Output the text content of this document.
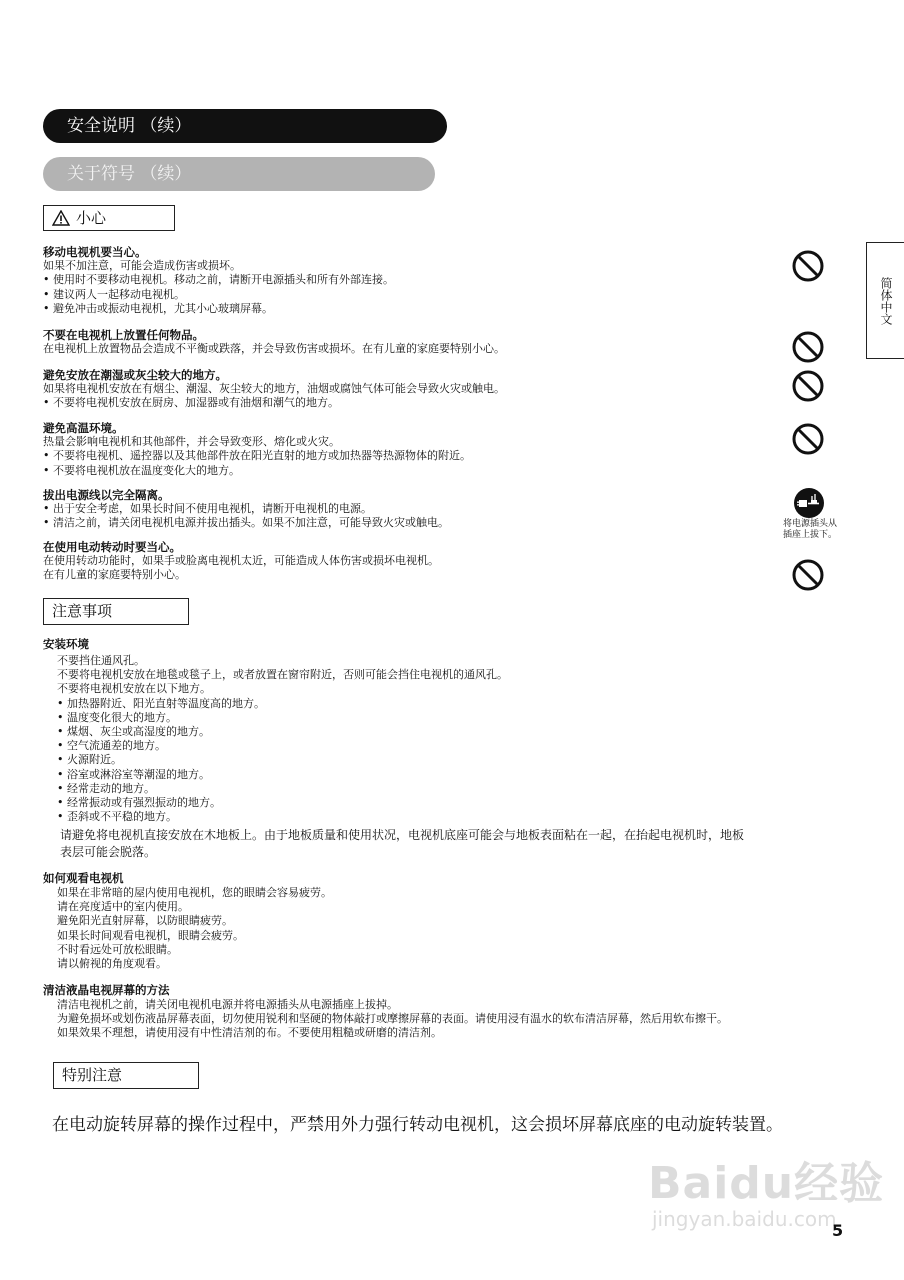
安全说明 （续）
关于符号 （续）
简体中文
小心
移动电视机要当心。
如果不加注意，可能会造成伤害或损坏。
• 使用时不要移动电视机。移动之前，请断开电源插头和所有外部连接。
• 建议两人一起移动电视机。
• 避免冲击或振动电视机，尤其小心玻璃屏幕。
不要在电视机上放置任何物品。
在电视机上放置物品会造成不平衡或跌落，并会导致伤害或损坏。在有儿童的家庭要特别小心。
避免安放在潮湿或灰尘较大的地方。
如果将电视机安放在有烟尘、潮湿、灰尘较大的地方，油烟或腐蚀气体可能会导致火灾或触电。
• 不要将电视机安放在厨房、加湿器或有油烟和潮气的地方。
避免高温环境。
热量会影响电视机和其他部件，并会导致变形、熔化或火灾。
• 不要将电视机、遥控器以及其他部件放在阳光直射的地方或加热器等热源物体的附近。
• 不要将电视机放在温度变化大的地方。
拔出电源线以完全隔离。
• 出于安全考虑，如果长时间不使用电视机，请断开电视机的电源。
• 清洁之前，请关闭电视机电源并拔出插头。如果不加注意，可能导致火灾或触电。
在使用电动转动时要当心。
在使用转动功能时，如果手或脸离电视机太近，可能造成人体伤害或损坏电视机。
在有儿童的家庭要特别小心。
将电源插头从
插座上拔下。
注意事项
安装环境
不要挡住通风孔。
不要将电视机安放在地毯或毯子上，或者放置在窗帘附近，否则可能会挡住电视机的通风孔。
不要将电视机安放在以下地方。
• 加热器附近、阳光直射等温度高的地方。
• 温度变化很大的地方。
• 煤烟、灰尘或高湿度的地方。
• 空气流通差的地方。
• 火源附近。
• 浴室或淋浴室等潮湿的地方。
• 经常走动的地方。
• 经常振动或有强烈振动的地方。
• 歪斜或不平稳的地方。
请避免将电视机直接安放在木地板上。由于地板质量和使用状况，电视机底座可能会与地板表面粘在一起，在抬起电视机时，地板
表层可能会脱落。
如何观看电视机
如果在非常暗的屋内使用电视机，您的眼睛会容易疲劳。
请在亮度适中的室内使用。
避免阳光直射屏幕，以防眼睛疲劳。
如果长时间观看电视机，眼睛会疲劳。
不时看远处可放松眼睛。
请以俯视的角度观看。
清洁液晶电视屏幕的方法
清洁电视机之前，请关闭电视机电源并将电源插头从电源插座上拔掉。
为避免损坏或划伤液晶屏幕表面，切勿使用锐利和坚硬的物体敲打或摩擦屏幕的表面。请使用浸有温水的软布清洁屏幕，然后用软布擦干。
如果效果不理想，请使用浸有中性清洁剂的布。不要使用粗糙或研磨的清洁剂。
特别注意
在电动旋转屏幕的操作过程中，严禁用外力强行转动电视机，这会损坏屏幕底座的电动旋转装置。
Baidu经验
jingyan.baidu.com
5
